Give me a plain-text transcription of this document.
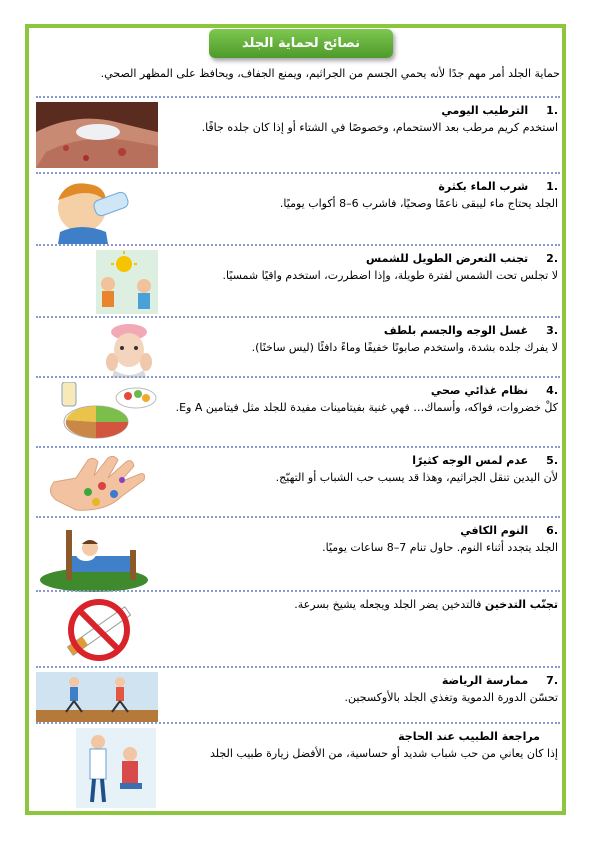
نصائح لحماية الجلد
حماية الجلد أمر مهم جدًا لأنه يحمي الجسم من الجراثيم، ويمنع الجفاف، ويحافظ على المظهر الصحي.
.1الترطيب اليومي
استخدم كريم مرطب بعد الاستحمام، وخصوصًا في الشتاء أو إذا كان جلده جافًا.
.1شرب الماء بكثرة
الجلد يحتاج ماء ليبقى ناعمًا وصحيًا، فاشرب 6–8 أكواب يوميًا.
.2تجنب التعرض الطويل للشمس
لا تجلس تحت الشمس لفترة طويلة، وإذا اضطررت، استخدم واقيًا شمسيًا.
.3غسل الوجه والجسم بلطف
لا يفرك جلده بشدة، واستخدم صابونًا خفيفًا وماءً دافئًا (ليس ساخنًا).
.4نظام غذائي صحي
كلْ خضروات، فواكه، وأسماك… فهي غنية بفيتامينات مفيدة للجلد مثل فيتامين A وE.
.5عدم لمس الوجه كثيرًا
لأن اليدين تنقل الجراثيم، وهذا قد يسبب حب الشباب أو التهيّج.
.6النوم الكافي
الجلد يتجدد أثناء النوم. حاول تنام 7–8 ساعات يوميًا.
تجنّب التدخين فالتدخين يضر الجلد ويجعله يشيخ بسرعة.
.7ممارسة الرياضة
تحسّن الدورة الدموية وتغذي الجلد بالأوكسجين.
مراجعة الطبيب عند الحاجة
إذا كان يعاني من حب شباب شديد أو حساسية، من الأفضل زيارة طبيب الجلد
